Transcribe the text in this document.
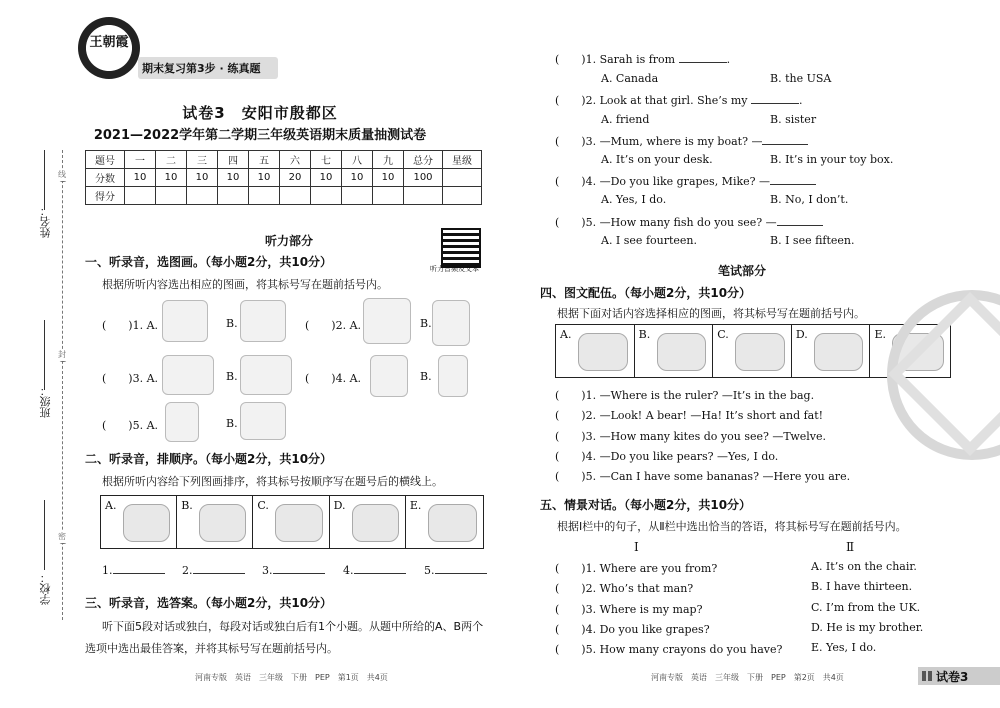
线
封
密
姓名：
班级：
学校：
王朝霞
期末复习第3步 · 练真题
试卷3　安阳市殷都区
2021—2022学年第二学期三年级英语期末质量抽测试卷
题号	一	二	三	四	五	六	七	八	九	总分	星级
分数	10	10	10	10	10	20	10	10	10	100	
得分											
听力部分
听力音频及文本
一、听录音，选图画。（每小题2分，共10分）
根据所听内容选出相应的图画，将其标号写在题前括号内。
(　　)1. A.	B.	(　　)2. A.	B.
(　　)3. A.	B.	(　　)4. A.	B.
(　　)5. A.	B.
二、听录音，排顺序。（每小题2分，共10分）
根据所听内容给下列图画排序，将其标号按顺序写在题号后的横线上。
A.	B.	C.	D.	E.
1.	2.	3.	4.	5.
三、听录音，选答案。（每小题2分，共10分）
听下面5段对话或独白，每段对话或独白后有1个小题。从题中所给的A、B两个
选项中选出最佳答案，并将其标号写在题前括号内。
河南专版　英语　三年级　下册　PEP　第1页　共4页
(　　)1. Sarah is from	.
A. Canada	B. the USA
(　　)2. Look at that girl. She’s my	.
A. friend	B. sister
(　　)3. —Mum, where is my boat? —
A. It’s on your desk.	B. It’s in your toy box.
(　　)4. —Do you like grapes, Mike? —
A. Yes, I do.	B. No, I don’t.
(　　)5. —How many fish do you see? —
A. I see fourteen.	B. I see fifteen.
笔试部分
四、图文配伍。（每小题2分，共10分）
根据下面对话内容选择相应的图画，将其标号写在题前括号内。
A.	B.	C.	D.	E.
(　　)1. —Where is the ruler? —It’s in the bag.
(　　)2. —Look! A bear! —Ha! It’s short and fat!
(　　)3. —How many kites do you see? —Twelve.
(　　)4. —Do you like pears? —Yes, I do.
(　　)5. —Can I have some bananas? —Here you are.
五、情景对话。（每小题2分，共10分）
根据Ⅰ栏中的句子，从Ⅱ栏中选出恰当的答语，将其标号写在题前括号内。
Ⅰ	Ⅱ
(　　)1. Where are you from?
(　　)2. Who’s that man?
(　　)3. Where is my map?
(　　)4. Do you like grapes?
(　　)5. How many crayons do you have?
A. It’s on the chair.
B. I have thirteen.
C. I’m from the UK.
D. He is my brother.
E. Yes, I do.
河南专版　英语　三年级　下册　PEP　第2页　共4页	试卷3
